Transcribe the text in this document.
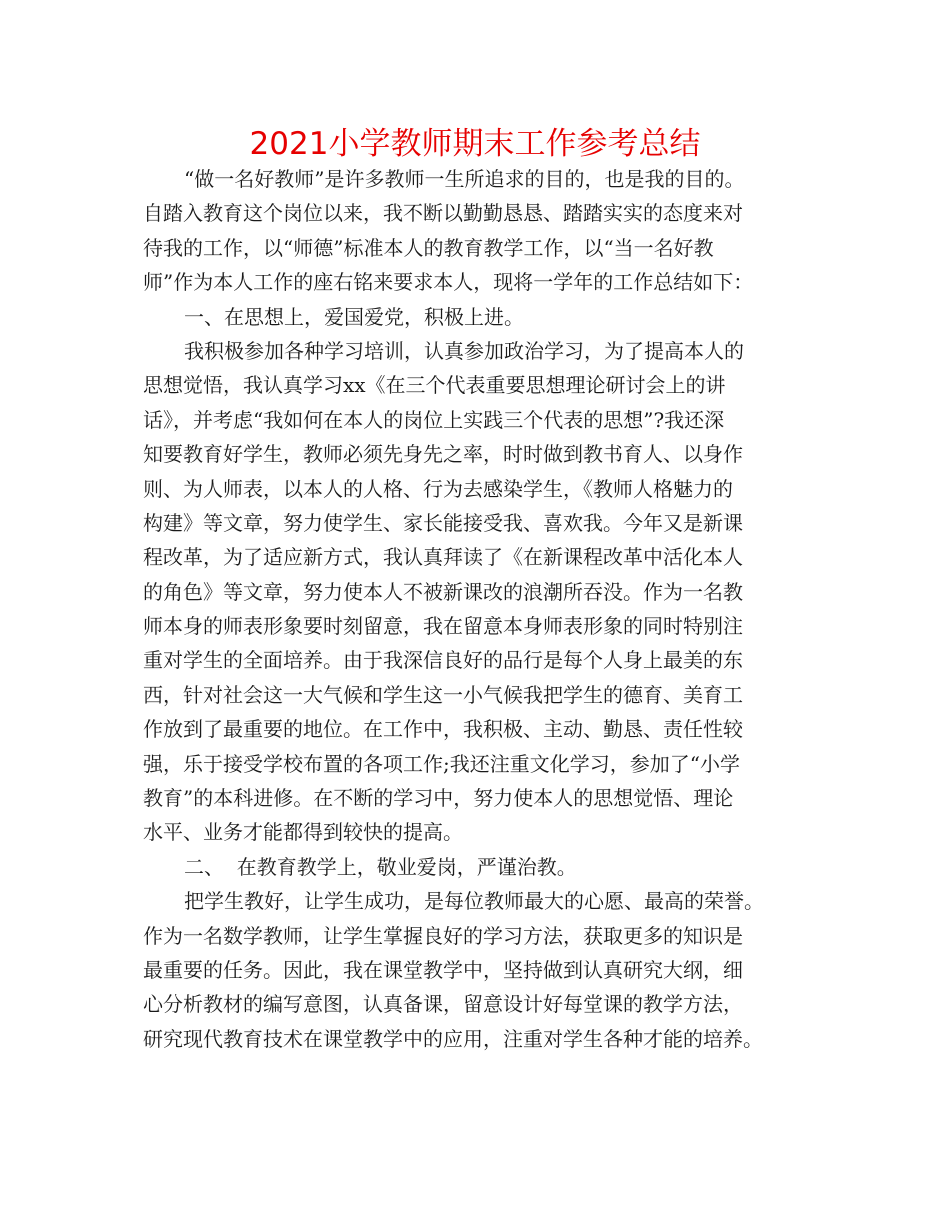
2021小学教师期末工作参考总结
“做一名好教师”是许多教师一生所追求的目的，也是我的目的。
自踏入教育这个岗位以来，我不断以勤勤恳恳、踏踏实实的态度来对
待我的工作，以“师德”标准本人的教育教学工作，以“当一名好教
师”作为本人工作的座右铭来要求本人，现将一学年的工作总结如下：
一、在思想上，爱国爱党，积极上进。
我积极参加各种学习培训，认真参加政治学习，为了提高本人的
思想觉悟，我认真学习xx《在三个代表重要思想理论研讨会上的讲
话》，并考虑“我如何在本人的岗位上实践三个代表的思想”?我还深
知要教育好学生，教师必须先身先之率，时时做到教书育人、以身作
则、为人师表，以本人的人格、行为去感染学生，《教师人格魅力的
构建》等文章，努力使学生、家长能接受我、喜欢我。今年又是新课
程改革，为了适应新方式，我认真拜读了《在新课程改革中活化本人
的角色》等文章，努力使本人不被新课改的浪潮所吞没。作为一名教
师本身的师表形象要时刻留意，我在留意本身师表形象的同时特别注
重对学生的全面培养。由于我深信良好的品行是每个人身上最美的东
西，针对社会这一大气候和学生这一小气候我把学生的德育、美育工
作放到了最重要的地位。在工作中，我积极、主动、勤恳、责任性较
强，乐于接受学校布置的各项工作;我还注重文化学习，参加了“小学
教育”的本科进修。在不断的学习中，努力使本人的思想觉悟、理论
水平、业务才能都得到较快的提高。
二、  在教育教学上，敬业爱岗，严谨治教。
把学生教好，让学生成功，是每位教师最大的心愿、最高的荣誉。
作为一名数学教师，让学生掌握良好的学习方法，获取更多的知识是
最重要的任务。因此，我在课堂教学中，坚持做到认真研究大纲，细
心分析教材的编写意图，认真备课，留意设计好每堂课的教学方法，
研究现代教育技术在课堂教学中的应用，注重对学生各种才能的培养。
